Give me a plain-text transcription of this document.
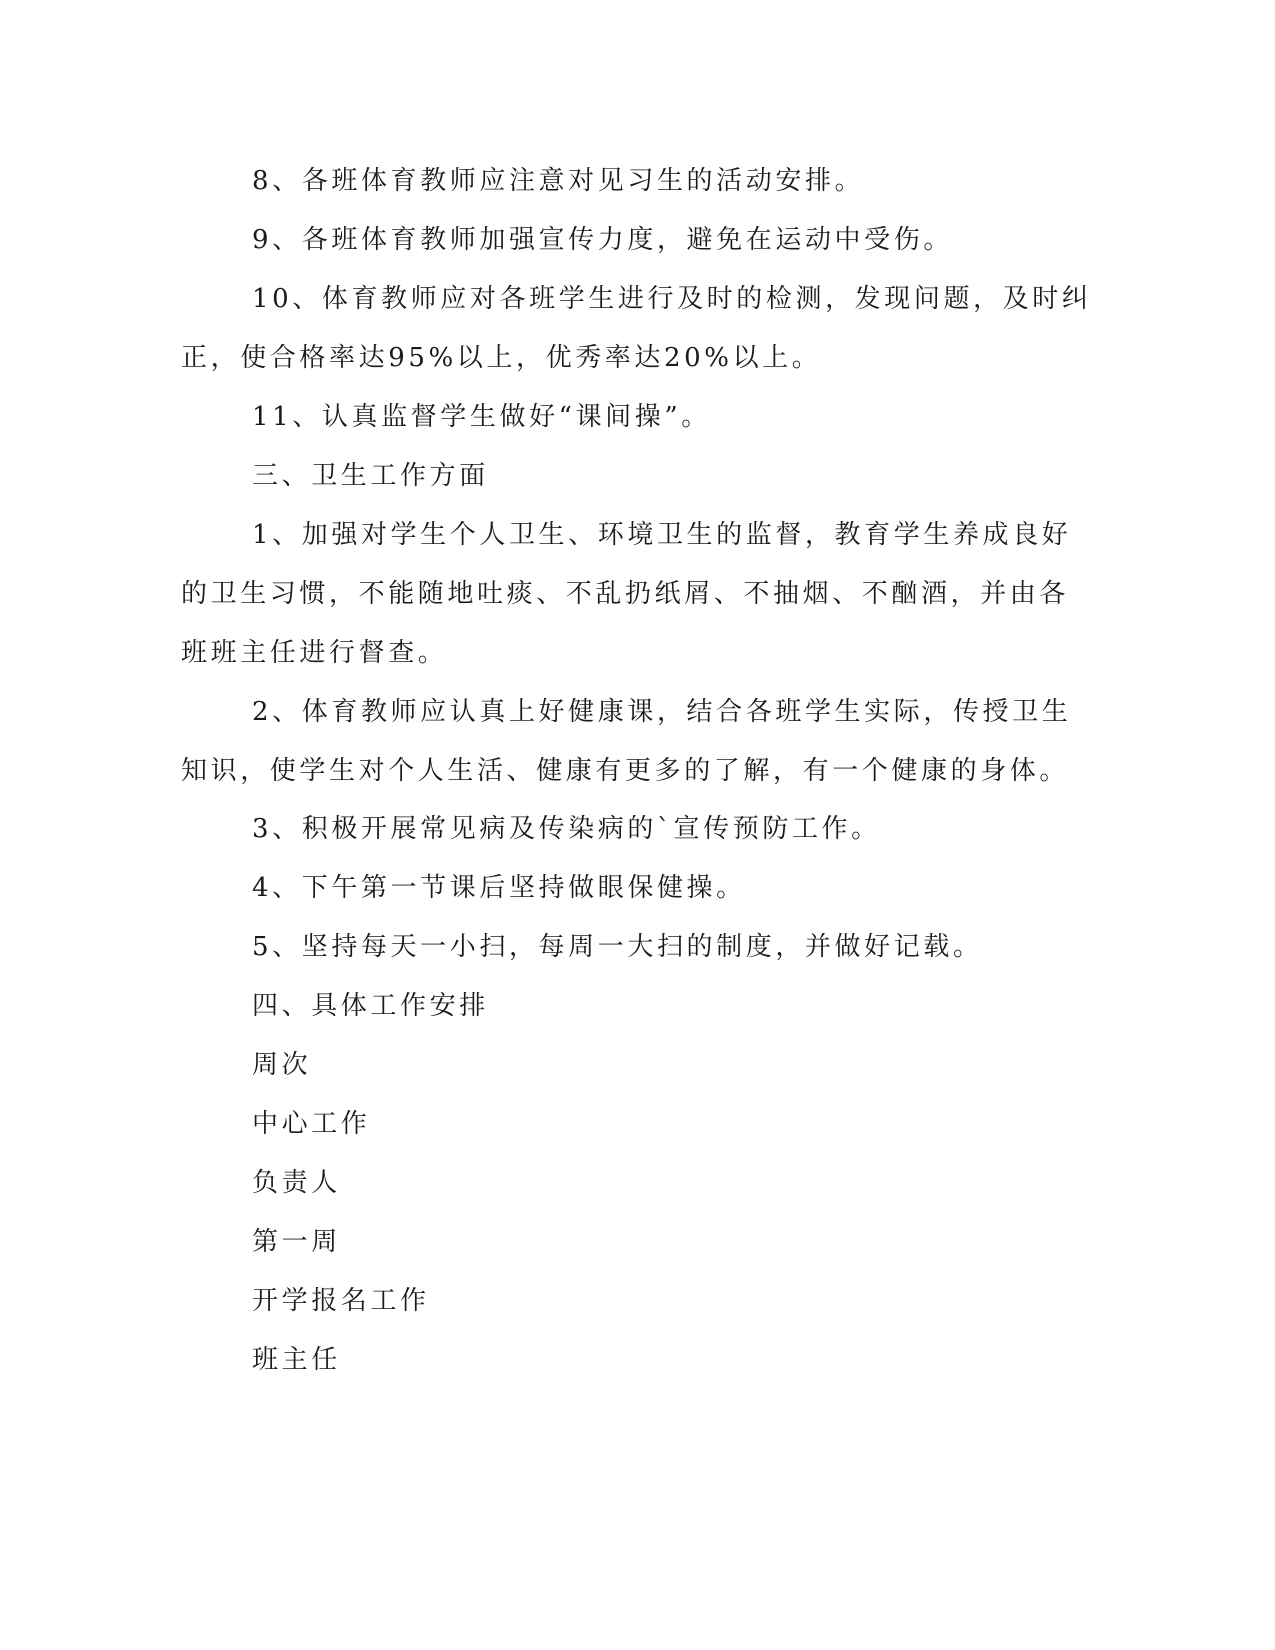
8、各班体育教师应注意对见习生的活动安排。
9、各班体育教师加强宣传力度，避免在运动中受伤。
10、体育教师应对各班学生进行及时的检测，发现问题，及时纠
正，使合格率达95%以上，优秀率达20%以上。
11、认真监督学生做好“课间操”。
三、卫生工作方面
1、加强对学生个人卫生、环境卫生的监督，教育学生养成良好
的卫生习惯，不能随地吐痰、不乱扔纸屑、不抽烟、不酗酒，并由各
班班主任进行督查。
2、体育教师应认真上好健康课，结合各班学生实际，传授卫生
知识，使学生对个人生活、健康有更多的了解，有一个健康的身体。
3、积极开展常见病及传染病的`宣传预防工作。
4、下午第一节课后坚持做眼保健操。
5、坚持每天一小扫，每周一大扫的制度，并做好记载。
四、具体工作安排
周次
中心工作
负责人
第一周
开学报名工作
班主任
